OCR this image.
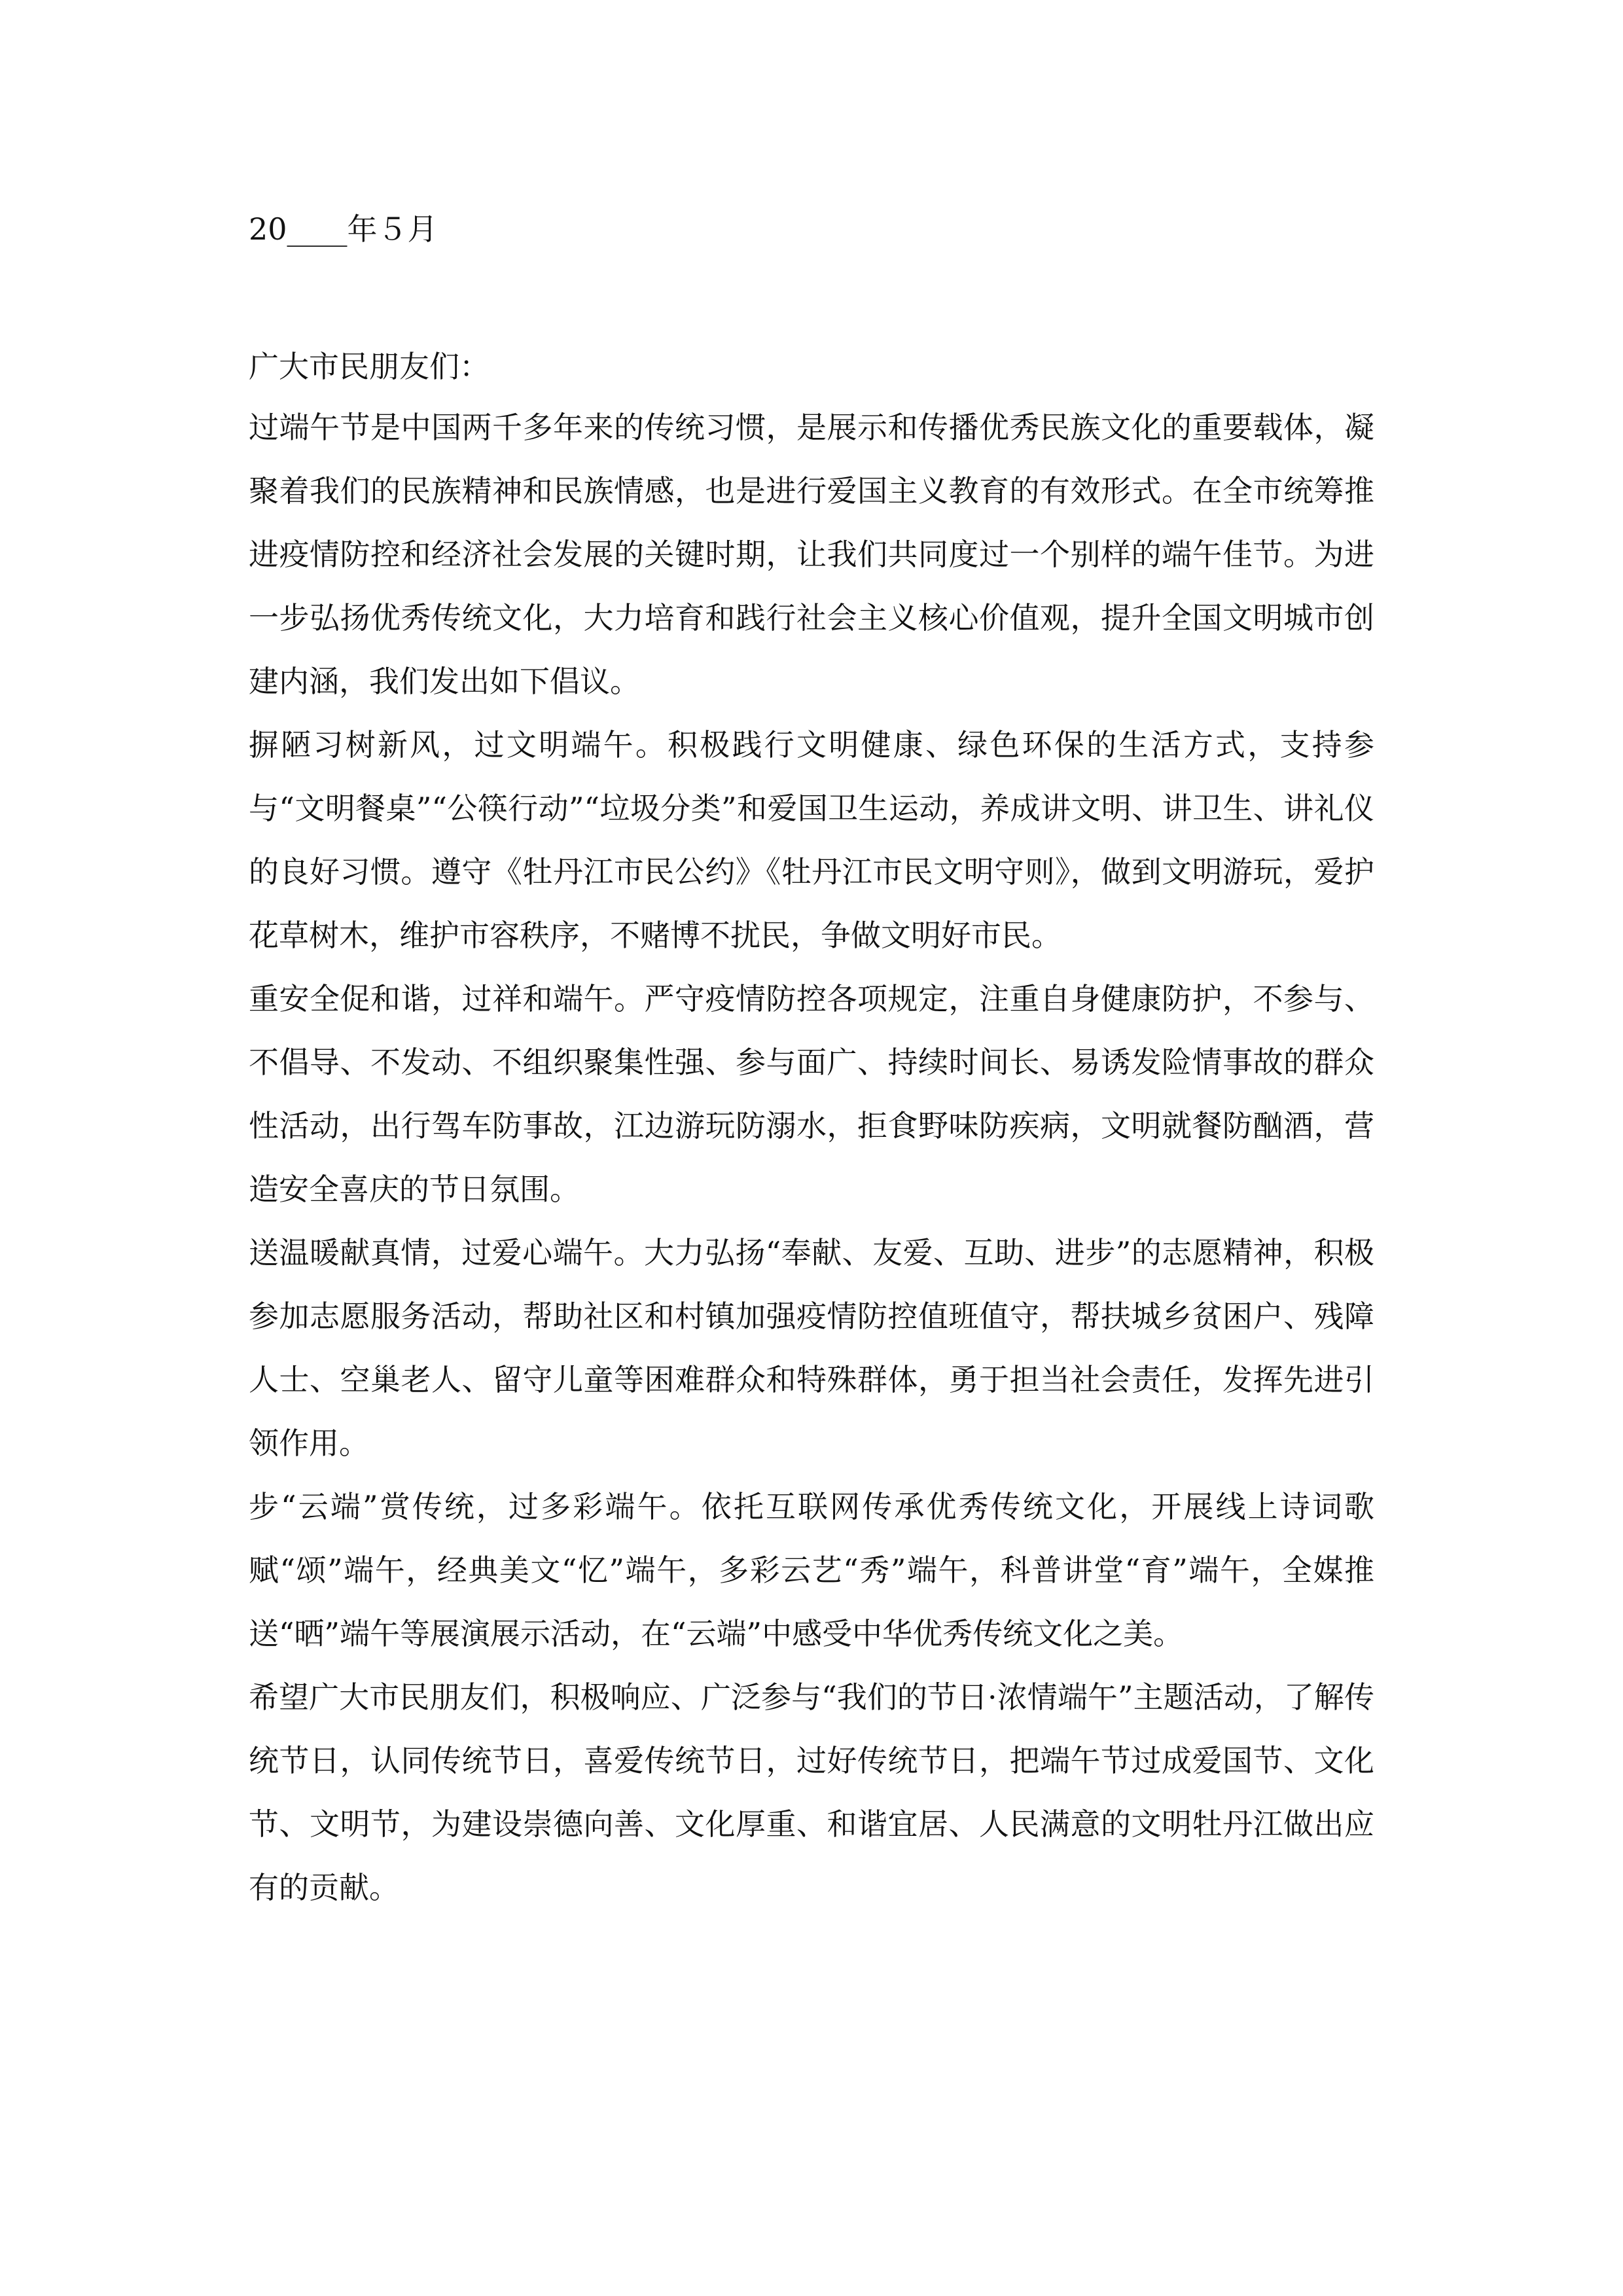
20____年５月

广大市民朋友们：

过端午节是中国两千多年来的传统习惯，是展示和传播优秀民族文化的重要载体，凝聚着我们的民族精神和民族情感，也是进行爱国主义教育的有效形式。在全市统筹推进疫情防控和经济社会发展的关键时期，让我们共同度过一个别样的端午佳节。为进一步弘扬优秀传统文化，大力培育和践行社会主义核心价值观，提升全国文明城市创建内涵，我们发出如下倡议。

摒陋习树新风，过文明端午。积极践行文明健康、绿色环保的生活方式，支持参与“文明餐桌”“公筷行动”“垃圾分类”和爱国卫生运动，养成讲文明、讲卫生、讲礼仪的良好习惯。遵守《牡丹江市民公约》《牡丹江市民文明守则》，做到文明游玩，爱护花草树木，维护市容秩序，不赌博不扰民，争做文明好市民。

重安全促和谐，过祥和端午。严守疫情防控各项规定，注重自身健康防护，不参与、不倡导、不发动、不组织聚集性强、参与面广、持续时间长、易诱发险情事故的群众性活动，出行驾车防事故，江边游玩防溺水，拒食野味防疾病，文明就餐防酗酒，营造安全喜庆的节日氛围。

送温暖献真情，过爱心端午。大力弘扬“奉献、友爱、互助、进步”的志愿精神，积极参加志愿服务活动，帮助社区和村镇加强疫情防控值班值守，帮扶城乡贫困户、残障人士、空巢老人、留守儿童等困难群众和特殊群体，勇于担当社会责任，发挥先进引领作用。

步“云端”赏传统，过多彩端午。依托互联网传承优秀传统文化，开展线上诗词歌赋“颂”端午，经典美文“忆”端午，多彩云艺“秀”端午，科普讲堂“育”端午，全媒推送“晒”端午等展演展示活动，在“云端”中感受中华优秀传统文化之美。

希望广大市民朋友们，积极响应、广泛参与“我们的节日·浓情端午”主题活动，了解传统节日，认同传统节日，喜爱传统节日，过好传统节日，把端午节过成爱国节、文化节、文明节，为建设崇德向善、文化厚重、和谐宜居、人民满意的文明牡丹江做出应有的贡献。
